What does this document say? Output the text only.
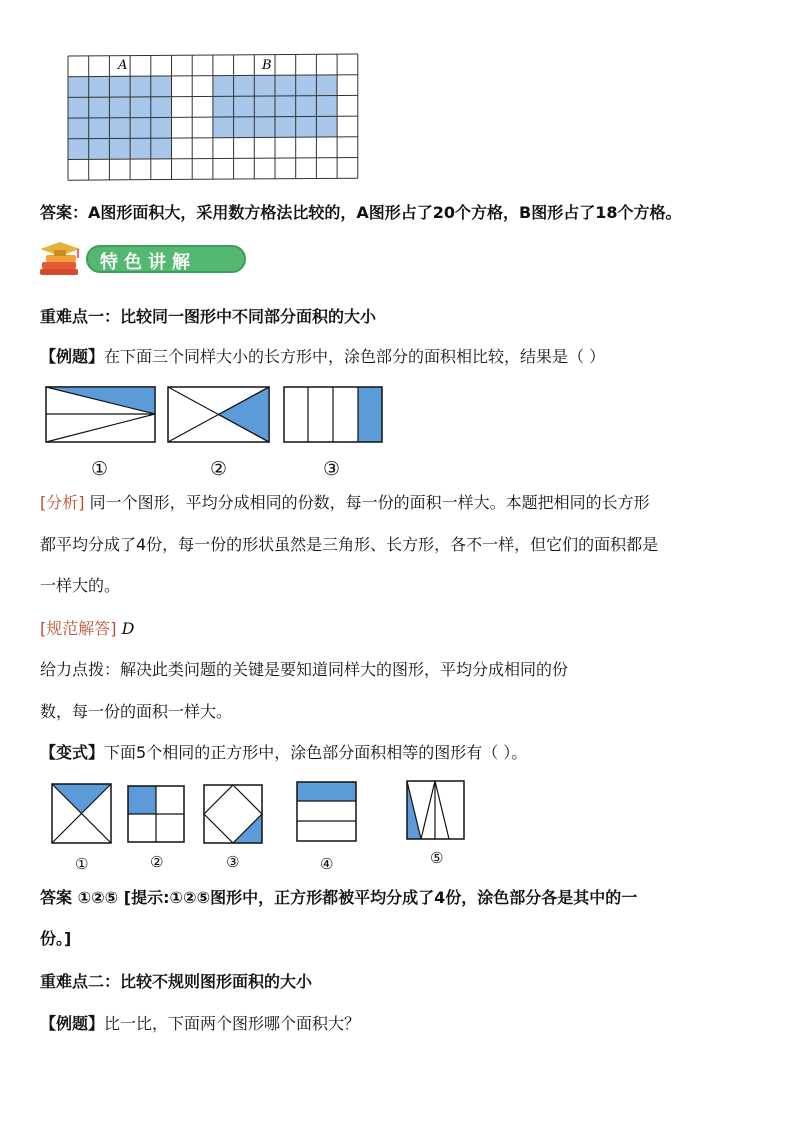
A	B
答案：A图形面积大，采用数方格法比较的，A图形占了20个方格，B图形占了18个方格。
特色讲解
重难点一：比较同一图形中不同部分面积的大小
【例题】在下面三个同样大小的长方形中，涂色部分的面积相比较，结果是（ ）
①	②	③
[分析] 同一个图形，平均分成相同的份数，每一份的面积一样大。本题把相同的长方形
都平均分成了4份，每一份的形状虽然是三角形、长方形，各不一样，但它们的面积都是
一样大的。
[规范解答] D
给力点拨：解决此类问题的关键是要知道同样大的图形，平均分成相同的份
数，每一份的面积一样大。
【变式】下面5个相同的正方形中，涂色部分面积相等的图形有（ ）。
①	②	③	④	⑤
答案 ①②⑤ [提示:①②⑤图形中，正方形都被平均分成了4份，涂色部分各是其中的一
份。]
重难点二：比较不规则图形面积的大小
【例题】比一比，下面两个图形哪个面积大？
